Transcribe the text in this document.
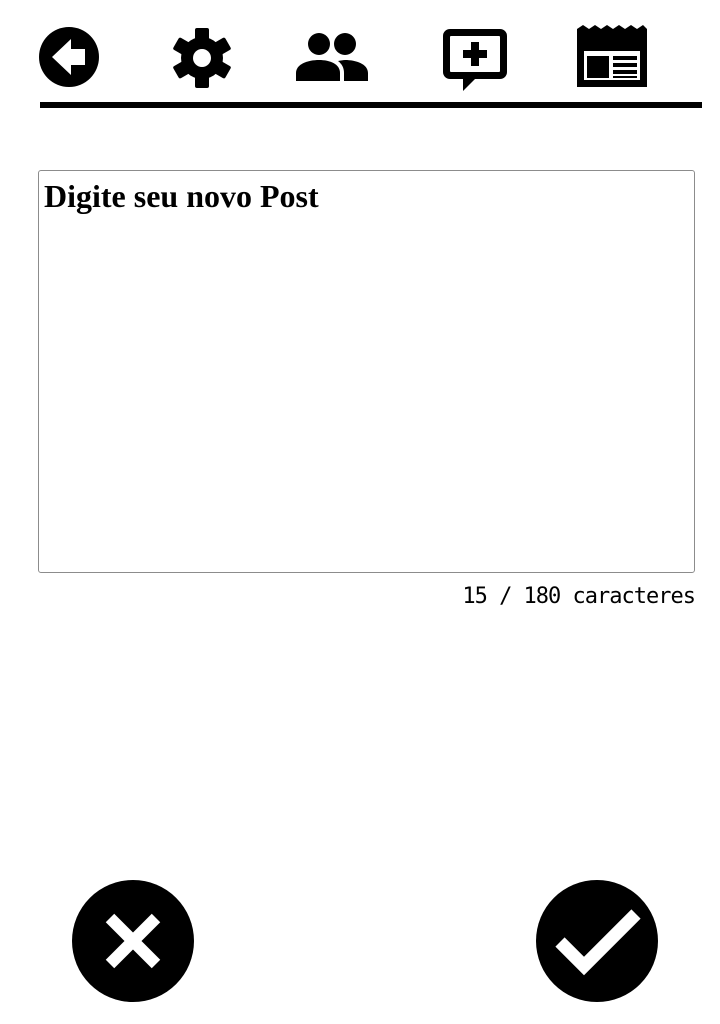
Digite seu novo Post
15 / 180 caracteres
